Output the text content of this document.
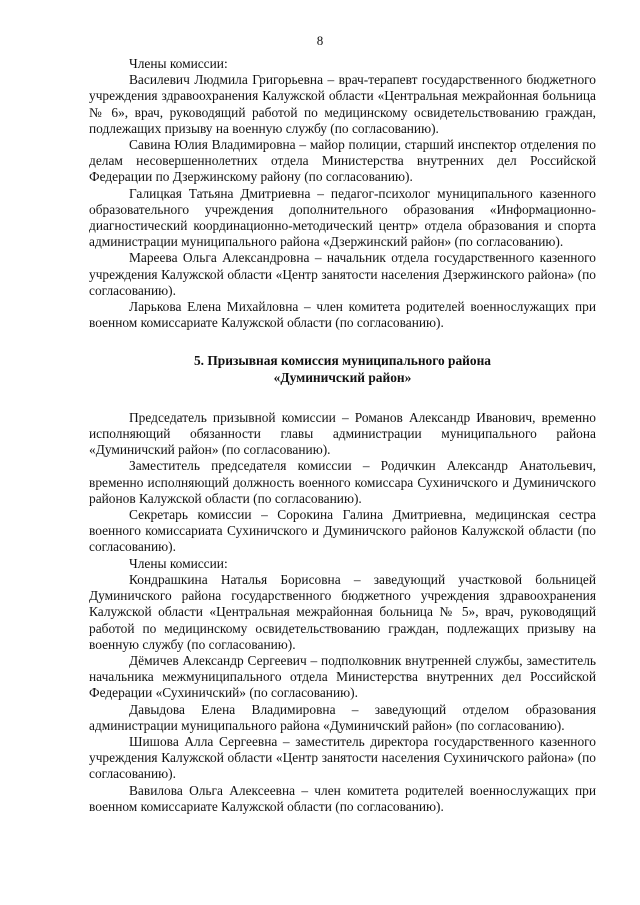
8

Члены комиссии:

Василевич Людмила Григорьевна – врач-терапевт государственного бюджетного учреждения здравоохранения Калужской области «Центральная межрайонная больница № 6», врач, руководящий работой по медицинскому освидетельствованию граждан, подлежащих призыву на военную службу (по согласованию).

Савина Юлия Владимировна – майор полиции, старший инспектор отделения по делам несовершеннолетних отдела Министерства внутренних дел Российской Федерации по Дзержинскому району (по согласованию).

Галицкая Татьяна Дмитриевна – педагог-психолог муниципального казенного образовательного учреждения дополнительного образования «Информационно-диагностический координационно-методический центр» отдела образования и спорта администрации муниципального района «Дзержинский район» (по согласованию).

Мареева Ольга Александровна – начальник отдела государственного казенного учреждения Калужской области «Центр занятости населения Дзержинского района» (по согласованию).

Ларькова Елена Михайловна – член комитета родителей военнослужащих при военном комиссариате Калужской области (по согласованию).

5. Призывная комиссия муниципального района
«Думиничский район»

Председатель призывной комиссии – Романов Александр Иванович, временно исполняющий обязанности главы администрации муниципального района «Думиничский район» (по согласованию).

Заместитель председателя комиссии – Родичкин Александр Анатольевич, временно исполняющий должность военного комиссара Сухиничского и Думиничского районов Калужской области (по согласованию).

Секретарь комиссии – Сорокина Галина Дмитриевна, медицинская сестра военного комиссариата Сухиничского и Думиничского районов Калужской области (по согласованию).

Члены комиссии:

Кондрашкина Наталья Борисовна – заведующий участковой больницей Думиничского района государственного бюджетного учреждения здравоохранения Калужской области «Центральная межрайонная больница № 5», врач, руководящий работой по медицинскому освидетельствованию граждан, подлежащих призыву на военную службу (по согласованию).

Дёмичев Александр Сергеевич – подполковник внутренней службы, заместитель начальника межмуниципального отдела Министерства внутренних дел Российской Федерации «Сухиничский» (по согласованию).

Давыдова Елена Владимировна – заведующий отделом образования администрации муниципального района «Думиничский район» (по согласованию).

Шишова Алла Сергеевна – заместитель директора государственного казенного учреждения Калужской области «Центр занятости населения Сухиничского района» (по согласованию).

Вавилова Ольга Алексеевна – член комитета родителей военнослужащих при военном комиссариате Калужской области (по согласованию).
